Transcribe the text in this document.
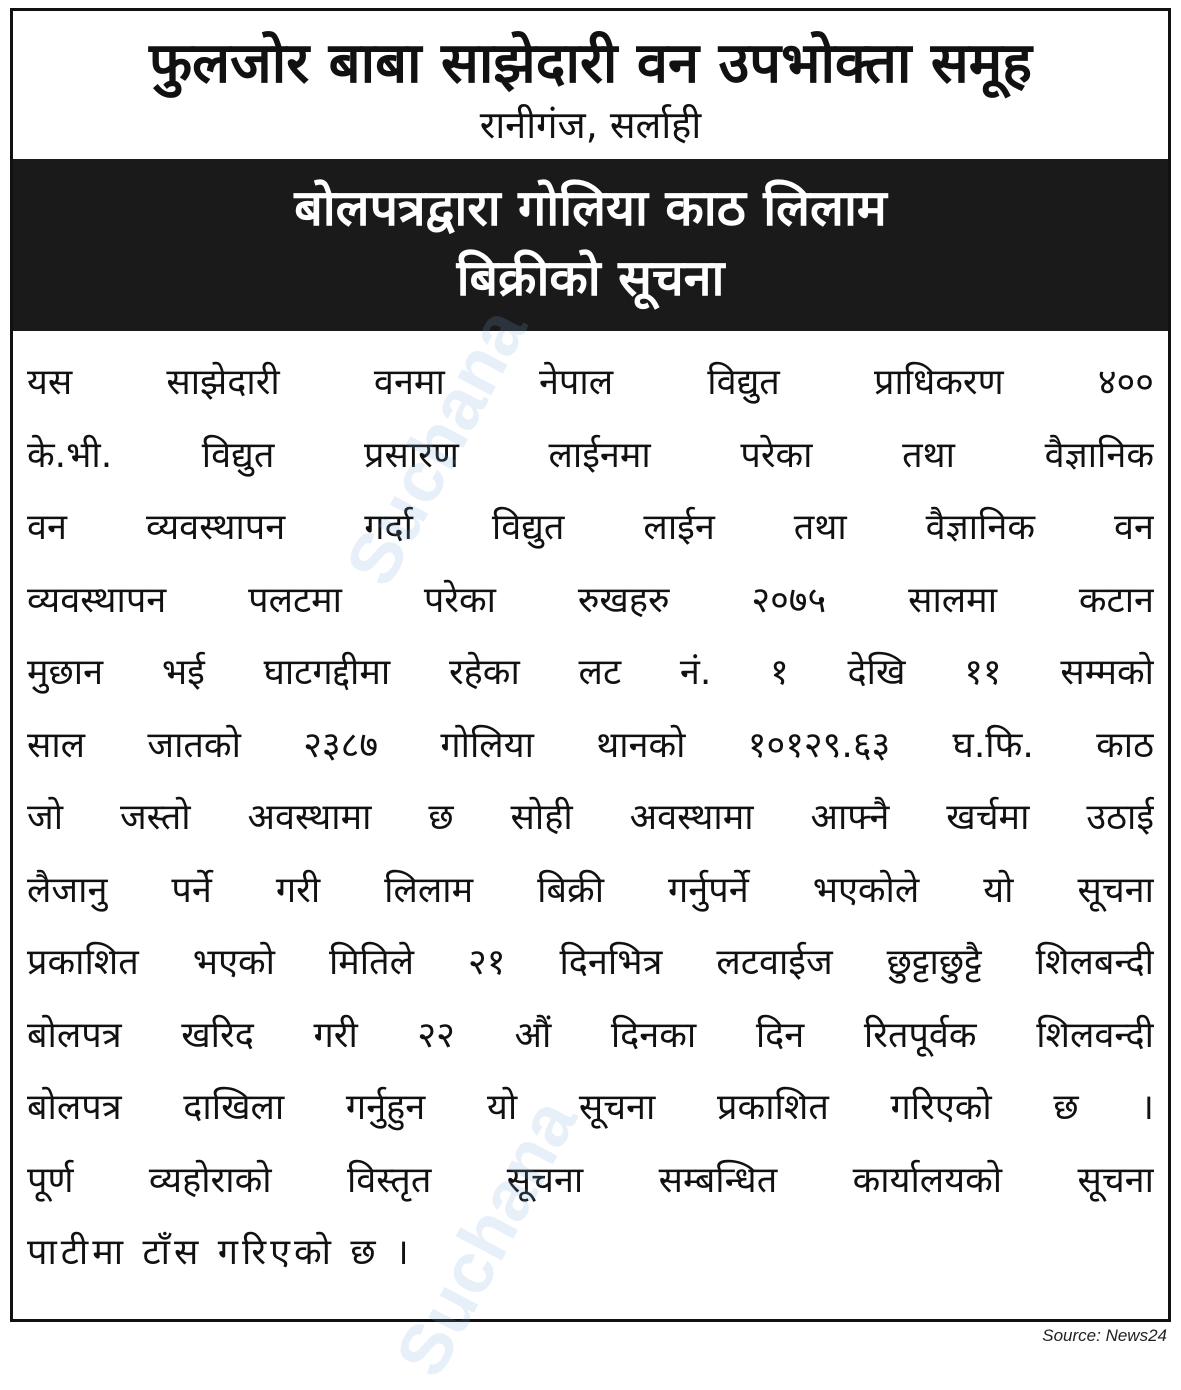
फुलजोर बाबा साझेदारी वन उपभोक्ता समूह
रानीगंज, सर्लाही
बोलपत्रद्वारा गोलिया काठ लिलाम
बिक्रीको सूचना
यस साझेदारी वनमा नेपाल विद्युत प्राधिकरण ४००
के.भी. विद्युत प्रसारण लाईनमा परेका तथा वैज्ञानिक
वन व्यवस्थापन गर्दा विद्युत लाईन तथा वैज्ञानिक वन
व्यवस्थापन पलटमा परेका रुखहरु २०७५ सालमा कटान
मुछान भई घाटगद्दीमा रहेका लट नं. १ देखि ११ सम्मको
साल जातको २३८७ गोलिया थानको १०१२९.६३ घ.फि. काठ
जो जस्तो अवस्थामा छ सोही अवस्थामा आफ्नै खर्चमा उठाई
लैजानु पर्ने गरी लिलाम बिक्री गर्नुपर्ने भएकोले यो सूचना
प्रकाशित भएको मितिले २१ दिनभित्र लटवाईज छुट्टाछुट्टै शिलबन्दी
बोलपत्र खरिद गरी २२ औं दिनका दिन रितपूर्वक शिलवन्दी
बोलपत्र दाखिला गर्नुहुन यो सूचना प्रकाशित गरिएको छ ।
पूर्ण व्यहोराको विस्तृत सूचना सम्बन्धित कार्यालयको सूचना
पाटीमा टाँस गरिएको छ ।
Suchana
Suchana	Source: News24
